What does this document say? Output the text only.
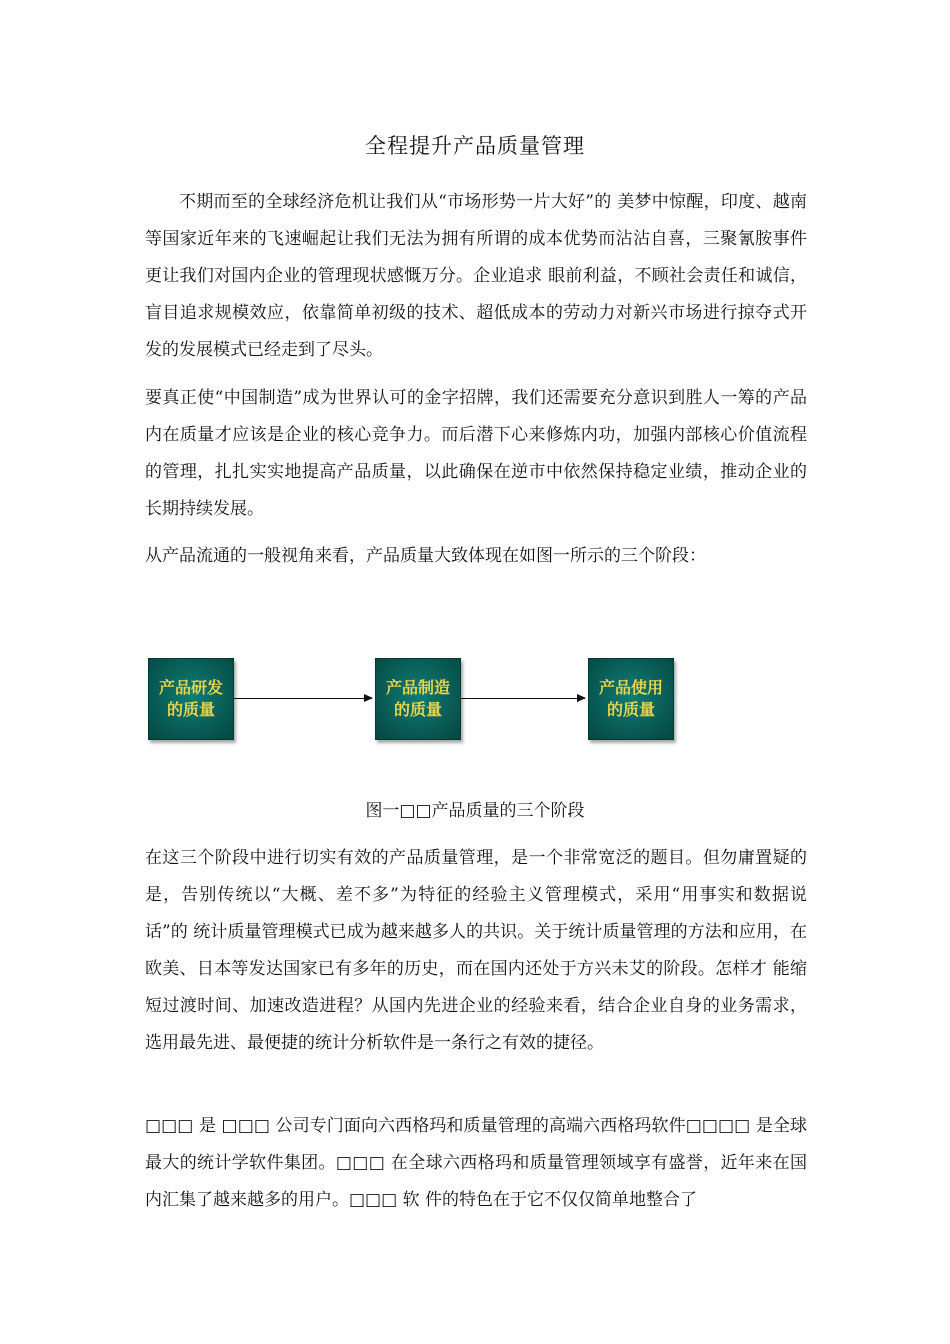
全程提升产品质量管理

不期而至的全球经济危机让我们从“市场形势一片大好”的 美梦中惊醒，印度、越南等国家近年来的飞速崛起让我们无法为拥有所谓的成本优势而沾沾自喜，三聚氰胺事件更让我们对国内企业的管理现状感慨万分。企业追求 眼前利益，不顾社会责任和诚信，盲目追求规模效应，依靠简单初级的技术、超低成本的劳动力对新兴市场进行掠夺式开发的发展模式已经走到了尽头。

要真正使“中国制造”成为世界认可的金字招牌，我们还需要充分意识到胜人一筹的产品内在质量才应该是企业的核心竞争力。而后潜下心来修炼内功，加强内部核心价值流程的管理，扎扎实实地提高产品质量，以此确保在逆市中依然保持稳定业绩，推动企业的长期持续发展。

从产品流通的一般视角来看，产品质量大致体现在如图一所示的三个阶段：

产品研发
的质量
产品制造
的质量
产品使用
的质量
图一□□产品质量的三个阶段

在这三个阶段中进行切实有效的产品质量管理，是一个非常宽泛的题目。但勿庸置疑的是，告别传统以“大概、差不多”为特征的经验主义管理模式，采用“用事实和数据说话”的 统计质量管理模式已成为越来越多人的共识。关于统计质量管理的方法和应用，在欧美、日本等发达国家已有多年的历史，而在国内还处于方兴未艾的阶段。怎样才 能缩短过渡时间、加速改造进程？从国内先进企业的经验来看，结合企业自身的业务需求，选用最先进、最便捷的统计分析软件是一条行之有效的捷径。

□□□ 是 □□□ 公司专门面向六西格玛和质量管理的高端六西格玛软件□□□□ 是全球最大的统计学软件集团。□□□ 在全球六西格玛和质量管理领域享有盛誉，近年来在国内汇集了越来越多的用户。□□□ 软 件的特色在于它不仅仅简单地整合了
